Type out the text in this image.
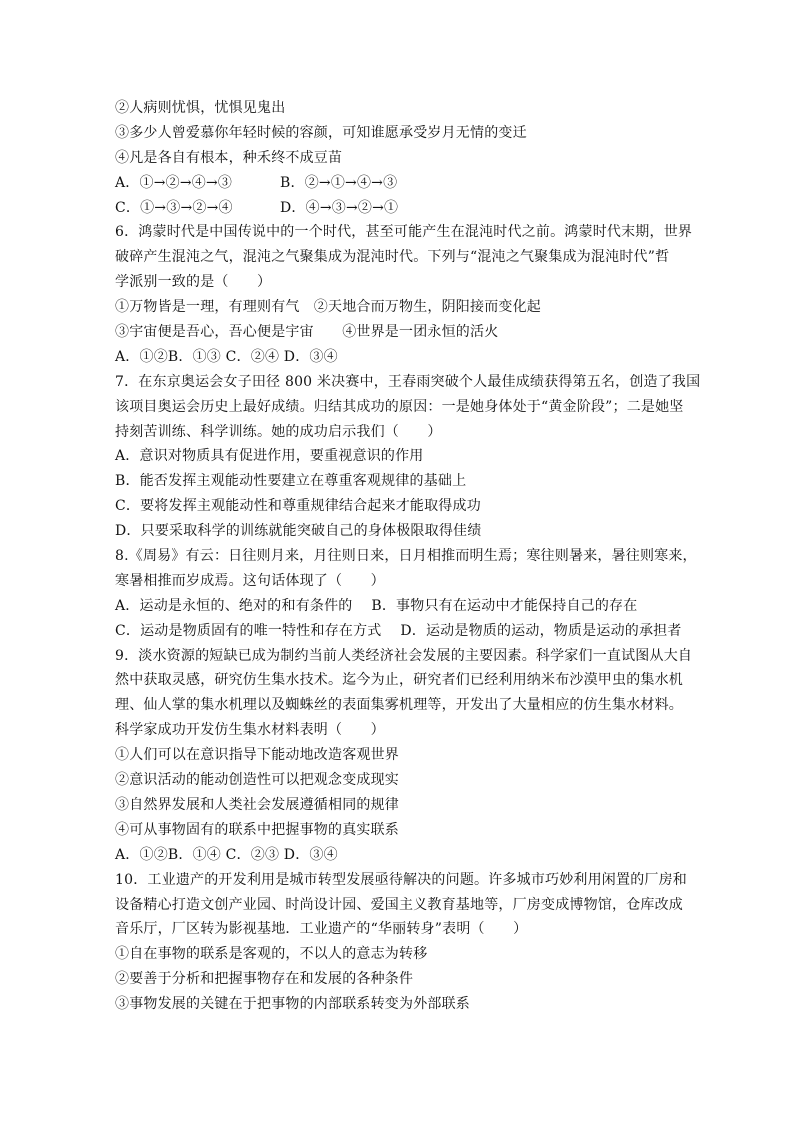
②人病则忧惧，忧惧见鬼出
③多少人曾爱慕你年轻时候的容颜，可知谁愿承受岁月无情的变迁
④凡是各自有根本，种禾终不成豆苗
A．①→②→④→③	B．②→①→④→③
C．①→③→②→④	D．④→③→②→①
6．鸿蒙时代是中国传说中的一个时代，甚至可能产生在混沌时代之前。鸿蒙时代末期，世界
破碎产生混沌之气，混沌之气聚集成为混沌时代。下列与“混沌之气聚集成为混沌时代”哲
学派别一致的是（　　）
①万物皆是一理，有理则有气　②天地合而万物生，阴阳接而变化起
③宇宙便是吾心，吾心便是宇宙　　④世界是一团永恒的活火
A．①②B．①③ C．②④ D．③④
7．在东京奥运会女子田径 800 米决赛中，王春雨突破个人最佳成绩获得第五名，创造了我国
该项目奥运会历史上最好成绩。归结其成功的原因：一是她身体处于“黄金阶段”；二是她坚
持刻苦训练、科学训练。她的成功启示我们（　　）
A．意识对物质具有促进作用，要重视意识的作用
B．能否发挥主观能动性要建立在尊重客观规律的基础上
C．要将发挥主观能动性和尊重规律结合起来才能取得成功
D．只要采取科学的训练就能突破自己的身体极限取得佳绩
8.《周易》有云：日往则月来，月往则日来，日月相推而明生焉；寒往则暑来，暑往则寒来，
寒暑相推而岁成焉。这句话体现了（　　）
A．运动是永恒的、绝对的和有条件的　 B．事物只有在运动中才能保持自己的存在
C．运动是物质固有的唯一特性和存在方式　 D．运动是物质的运动，物质是运动的承担者
9．淡水资源的短缺已成为制约当前人类经济社会发展的主要因素。科学家们一直试图从大自
然中获取灵感，研究仿生集水技术。迄今为止，研究者们已经利用纳米布沙漠甲虫的集水机
理、仙人掌的集水机理以及蜘蛛丝的表面集雾机理等，开发出了大量相应的仿生集水材料。
科学家成功开发仿生集水材料表明（　　）
①人们可以在意识指导下能动地改造客观世界
②意识活动的能动创造性可以把观念变成现实
③自然界发展和人类社会发展遵循相同的规律
④可从事物固有的联系中把握事物的真实联系
A．①②B．①④ C．②③ D．③④
10．工业遗产的开发利用是城市转型发展亟待解决的问题。许多城市巧妙利用闲置的厂房和
设备精心打造文创产业园、时尚设计园、爱国主义教育基地等，厂房变成博物馆，仓库改成
音乐厅，厂区转为影视基地．工业遗产的“华丽转身”表明（　　）
①自在事物的联系是客观的，不以人的意志为转移
②要善于分析和把握事物存在和发展的各种条件
③事物发展的关键在于把事物的内部联系转变为外部联系
